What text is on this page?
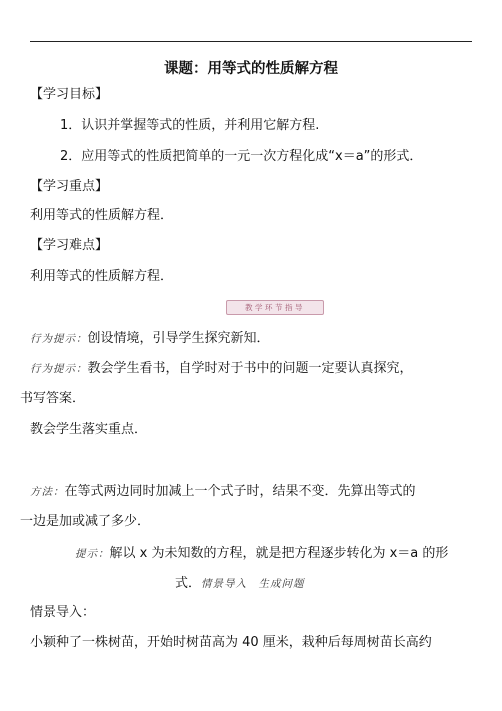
课题：用等式的性质解方程
【学习目标】
1．认识并掌握等式的性质，并利用它解方程.
2．应用等式的性质把简单的一元一次方程化成“x＝a”的形式．
【学习重点】
利用等式的性质解方程．
【学习难点】
利用等式的性质解方程．
教学环节指导
行为提示：创设情境，引导学生探究新知．
行为提示：教会学生看书，自学时对于书中的问题一定要认真探究，
书写答案．
教会学生落实重点．
方法：在等式两边同时加减上一个式子时，结果不变．先算出等式的
一边是加或减了多少．
提示：解以 x 为未知数的方程，就是把方程逐步转化为 x＝a 的形
式．情景导入　生成问题
情景导入：
小颖种了一株树苗，开始时树苗高为 40 厘米，栽种后每周树苗长高约
